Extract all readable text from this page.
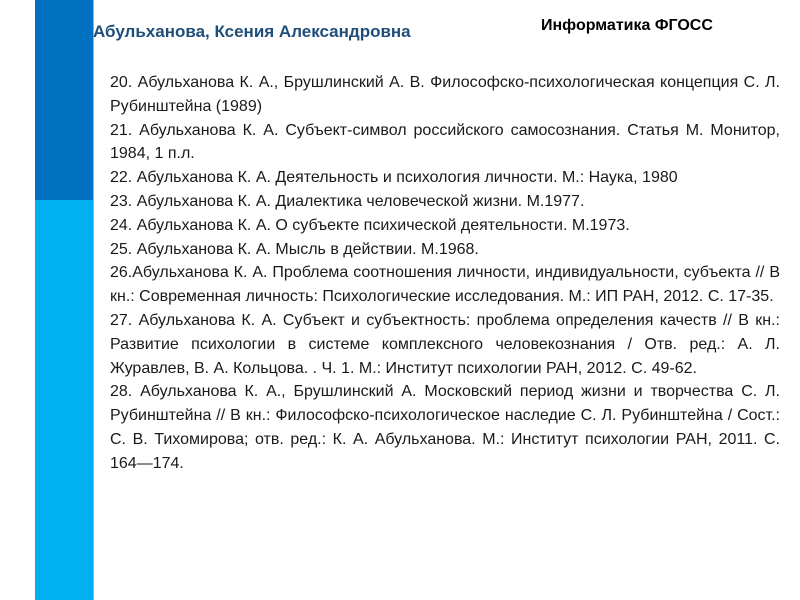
Абульханова, Ксения Александровна	Информатика ФГОСС
20. Абульханова К. А., Брушлинский А. В. Философско-психологическая концепция С. Л. Рубинштейна (1989)
21. Абульханова К. А. Субъект-символ российского самосознания. Статья М. Монитор, 1984, 1 п.л.
22. Абульханова К. А. Деятельность и психология личности. М.: Наука, 1980
23. Абульханова К. А. Диалектика человеческой жизни. М.1977.
24. Абульханова К. А. О субъекте психической деятельности. М.1973.
25. Абульханова К. А. Мысль в действии. М.1968.
26.Абульханова К. А. Проблема соотношения личности, индивидуальности, субъекта // В кн.: Современная личность: Психологические исследования. М.: ИП РАН, 2012. С. 17-35.
27. Абульханова К. А. Субъект и субъектность: проблема определения качеств // В кн.: Развитие психологии в системе комплексного человекознания / Отв. ред.: А. Л. Журавлев, В. А. Кольцова. . Ч. 1. М.: Институт психологии РАН, 2012. С. 49-62.
28. Абульханова К. А., Брушлинский А. Московский период жизни и творчества С. Л. Рубинштейна // В кн.: Философско-психологическое наследие С. Л. Рубинштейна / Сост.: С. В. Тихомирова; отв. ред.: К. А. Абульханова. М.: Институт психологии РАН, 2011. С. 164—174.
